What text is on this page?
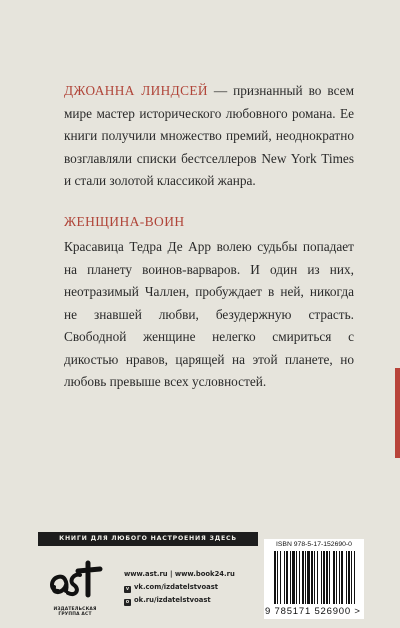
ДЖОАННА ЛИНДСЕЙ — признанный во всем мире мастер исторического любовного романа. Ее книги получили множество премий, неоднократно возглавляли списки бестселлеров New York Times и стали золотой классикой жанра.
ЖЕНЩИНА-ВОИН
Красавица Тедра Де Арр волею судьбы попадает на планету воинов-варваров. И один из них, неотразимый Чаллен, пробуждает в ней, никогда не знавшей любви, безудержную страсть. Свободной женщине нелегко смириться с дикостью нравов, царящей на этой планете, но любовь превыше всех условностей.
КНИГИ ДЛЯ ЛЮБОГО НАСТРОЕНИЯ ЗДЕСЬ
ИЗДАТЕЛЬСКАЯ ГРУППА АСТ
www.ast.ru | www.book24.ru
v vk.com/izdatelstvoast
o ok.ru/izdatelstvoast
ISBN 978-5-17-152690-0
9 785171 526900 >
